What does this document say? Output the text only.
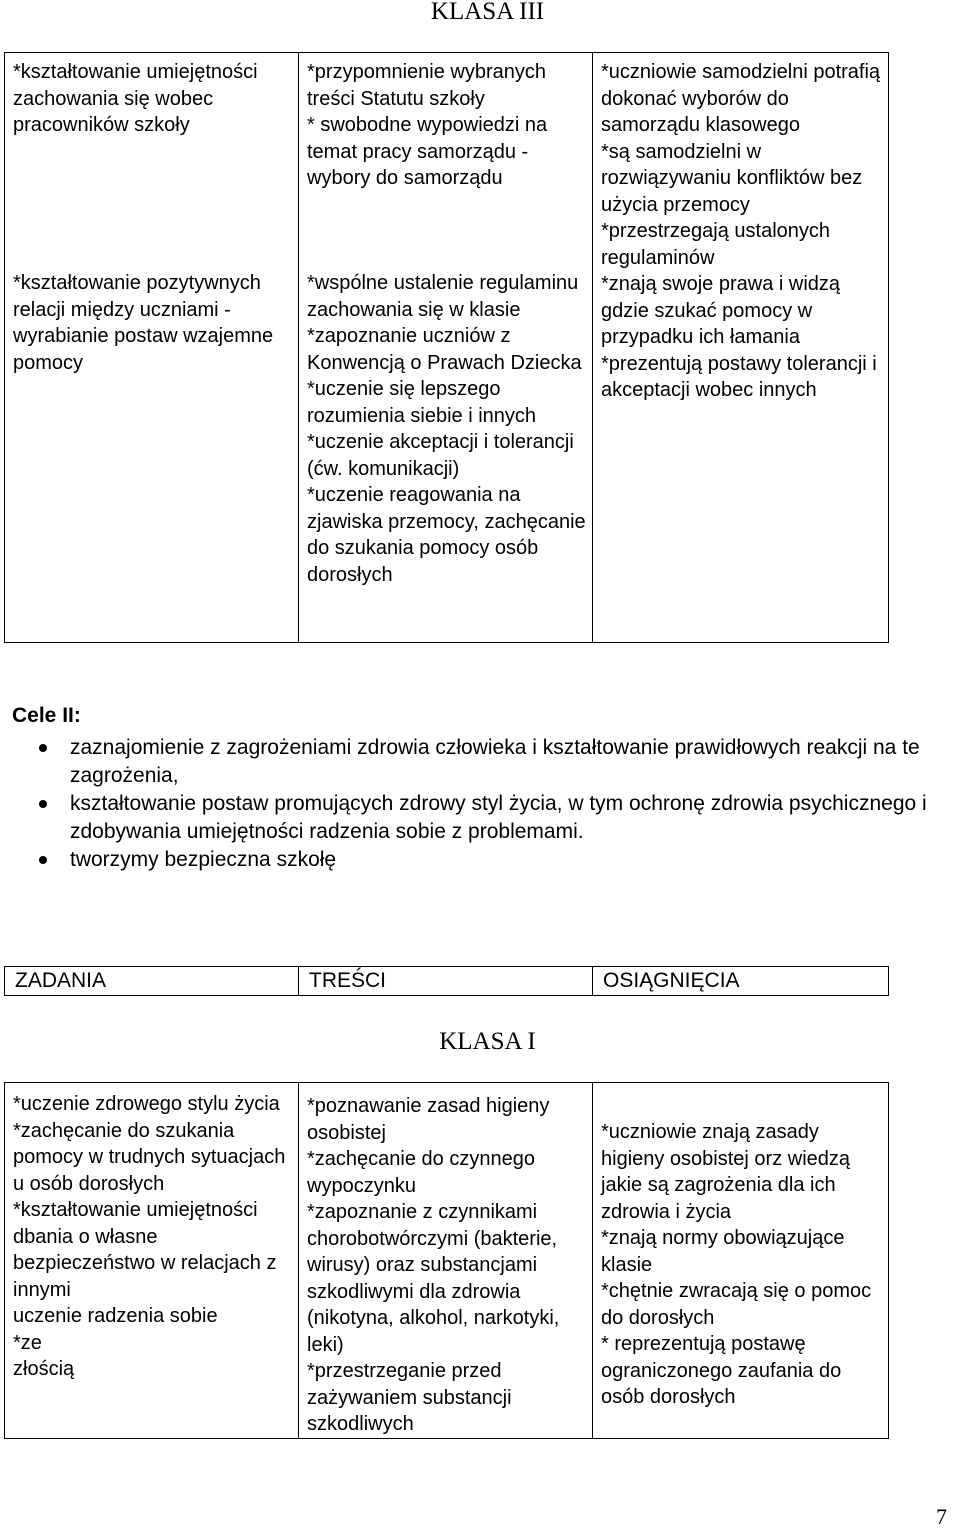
KLASA III
*kształtowanie umiejętności zachowania się wobec pracowników szkoły
*kształtowanie pozytywnych relacji między uczniami - wyrabianie postaw wzajemne pomocy

*przypomnienie wybranych treści Statutu szkoły
* swobodne wypowiedzi na temat pracy samorządu - wybory do samorządu
*wspólne ustalenie regulaminu zachowania się w klasie
*zapoznanie uczniów z Konwencją o Prawach Dziecka
*uczenie się lepszego rozumienia siebie i innych
*uczenie akceptacji i tolerancji (ćw. komunikacji)
*uczenie reagowania na zjawiska przemocy, zachęcanie do szukania pomocy osób dorosłych

*uczniowie samodzielni potrafią dokonać wyborów do samorządu klasowego
*są samodzielni w rozwiązywaniu konfliktów bez użycia przemocy
*przestrzegają ustalonych regulaminów
*znają swoje prawa i widzą gdzie szukać pomocy w przypadku ich łamania
*prezentują postawy tolerancji i akceptacji wobec innych
Cele II:
zaznajomienie z zagrożeniami zdrowia człowieka i kształtowanie prawidłowych reakcji na te zagrożenia,
kształtowanie postaw promujących zdrowy styl życia, w tym ochronę zdrowia psychicznego i zdobywania umiejętności radzenia sobie z problemami.
tworzymy bezpieczna szkołę
ZADANIA	TREŚCI	OSIĄGNIĘCIA
KLASA I
*uczenie zdrowego stylu życia
*zachęcanie do szukania pomocy w trudnych sytuacjach u osób dorosłych
*kształtowanie umiejętności dbania o własne bezpieczeństwo w relacjach z innymi
uczenie radzenia sobie
*ze
złością

*poznawanie zasad higieny osobistej
*zachęcanie do czynnego wypoczynku
*zapoznanie z czynnikami chorobotwórczymi (bakterie, wirusy) oraz substancjami szkodliwymi dla zdrowia (nikotyna, alkohol, narkotyki, leki)
*przestrzeganie przed zażywaniem substancji szkodliwych

*uczniowie znają zasady higieny osobistej orz wiedzą jakie są zagrożenia dla ich zdrowia i życia
*znają normy obowiązujące klasie
*chętnie zwracają się o pomoc do dorosłych
* reprezentują postawę ograniczonego zaufania do osób dorosłych
7
